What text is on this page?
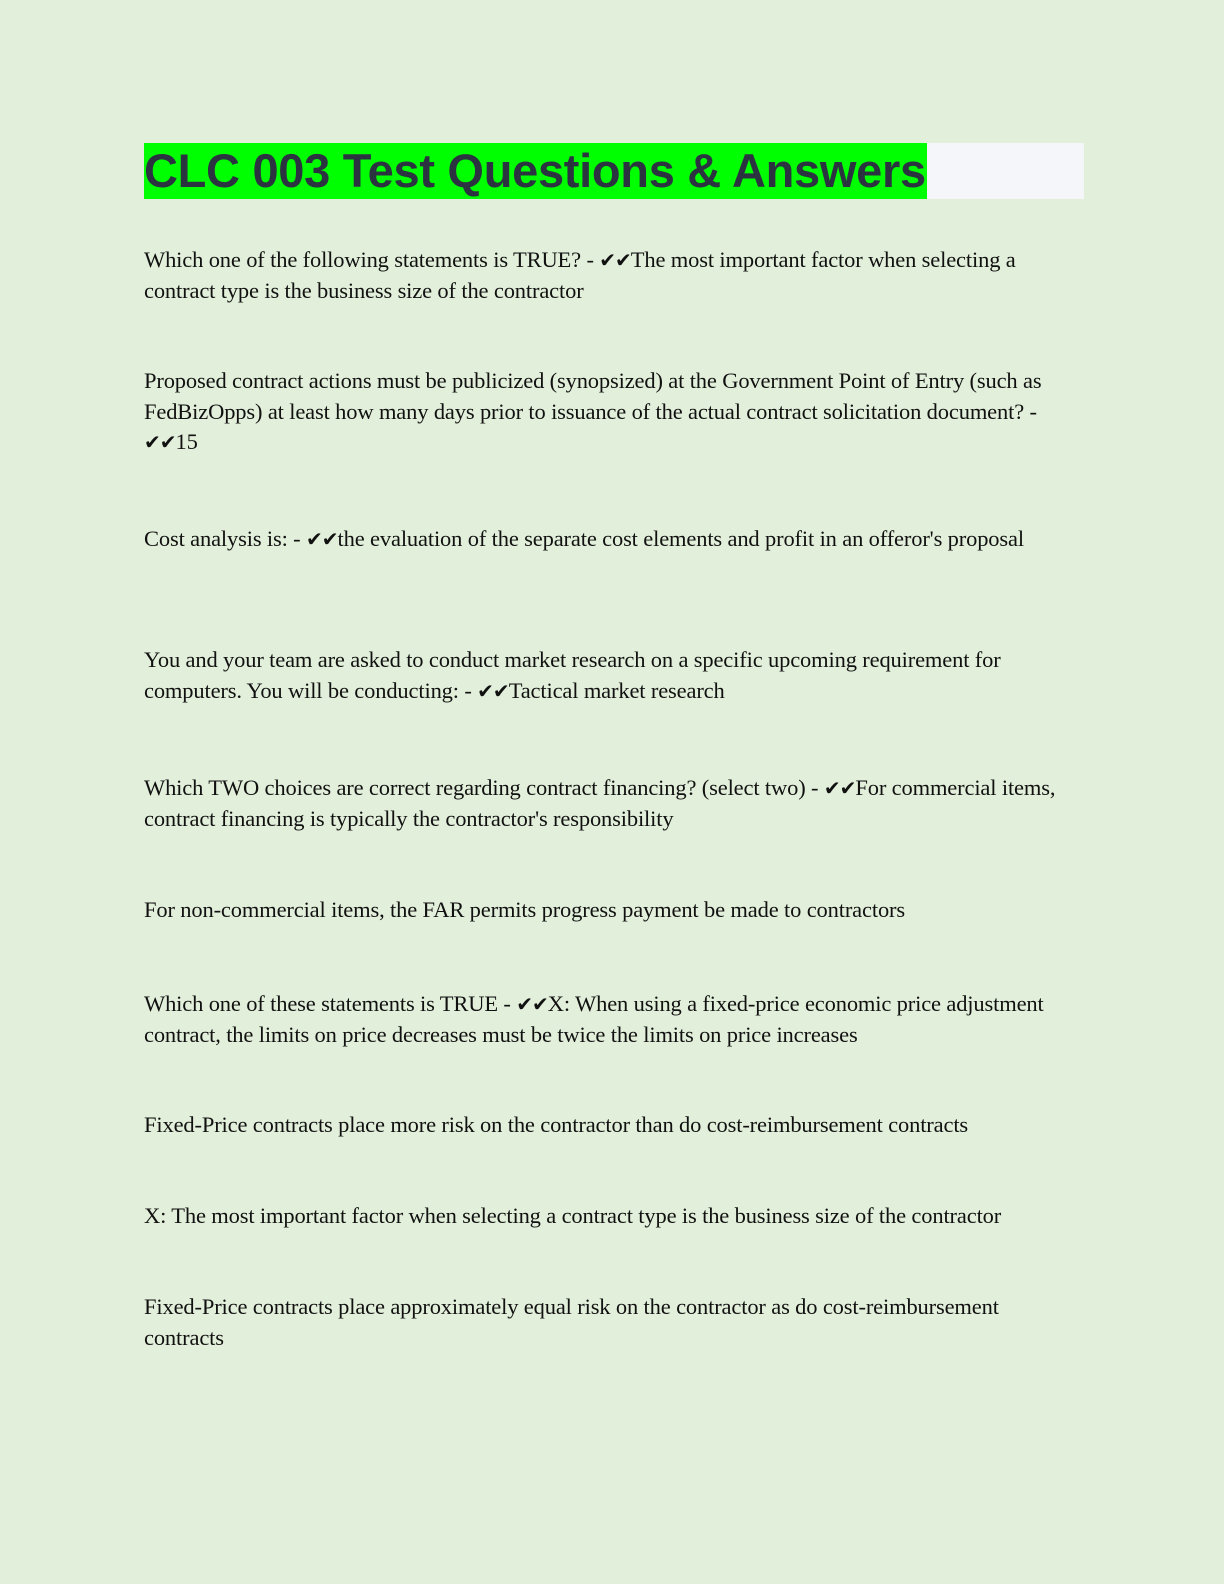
CLC 003 Test Questions & Answers
Which one of the following statements is TRUE? - ✔✔The most important factor when selecting a contract type is the business size of the contractor
Proposed contract actions must be publicized (synopsized) at the Government Point of Entry (such as FedBizOpps) at least how many days prior to issuance of the actual contract solicitation document? - ✔✔15
Cost analysis is: - ✔✔the evaluation of the separate cost elements and profit in an offeror's proposal
You and your team are asked to conduct market research on a specific upcoming requirement for computers. You will be conducting: - ✔✔Tactical market research
Which TWO choices are correct regarding contract financing? (select two) - ✔✔For commercial items, contract financing is typically the contractor's responsibility
For non-commercial items, the FAR permits progress payment be made to contractors
Which one of these statements is TRUE - ✔✔X: When using a fixed-price economic price adjustment contract, the limits on price decreases must be twice the limits on price increases
Fixed-Price contracts place more risk on the contractor than do cost-reimbursement contracts
X: The most important factor when selecting a contract type is the business size of the contractor
Fixed-Price contracts place approximately equal risk on the contractor as do cost-reimbursement contracts
